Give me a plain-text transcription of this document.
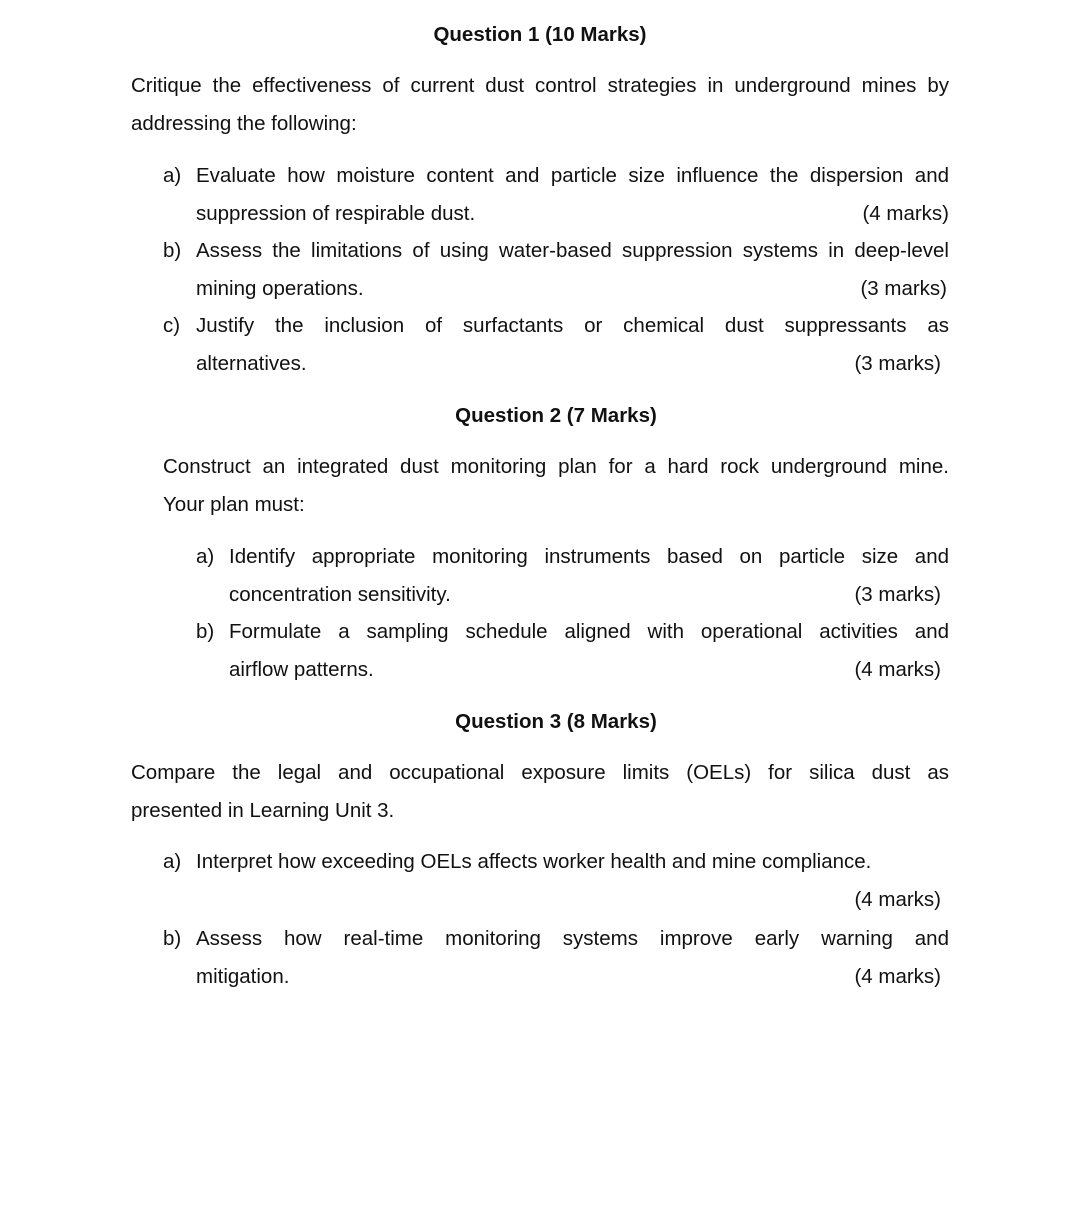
Question 1 (10 Marks)
Critique the effectiveness of current dust control strategies in underground mines by
addressing the following:
a) Evaluate how moisture content and particle size influence the dispersion and
suppression of respirable dust.	(4 marks)
b) Assess the limitations of using water-based suppression systems in deep-level
mining operations.	(3 marks)
c) Justify the inclusion of surfactants or chemical dust suppressants as
alternatives.	(3 marks)
Question 2 (7 Marks)
Construct an integrated dust monitoring plan for a hard rock underground mine.
Your plan must:
a) Identify appropriate monitoring instruments based on particle size and
concentration sensitivity.	(3 marks)
b) Formulate a sampling schedule aligned with operational activities and
airflow patterns.	(4 marks)
Question 3 (8 Marks)
Compare the legal and occupational exposure limits (OELs) for silica dust as
presented in Learning Unit 3.
a) Interpret how exceeding OELs affects worker health and mine compliance.
(4 marks)
b) Assess how real-time monitoring systems improve early warning and
mitigation.	(4 marks)
